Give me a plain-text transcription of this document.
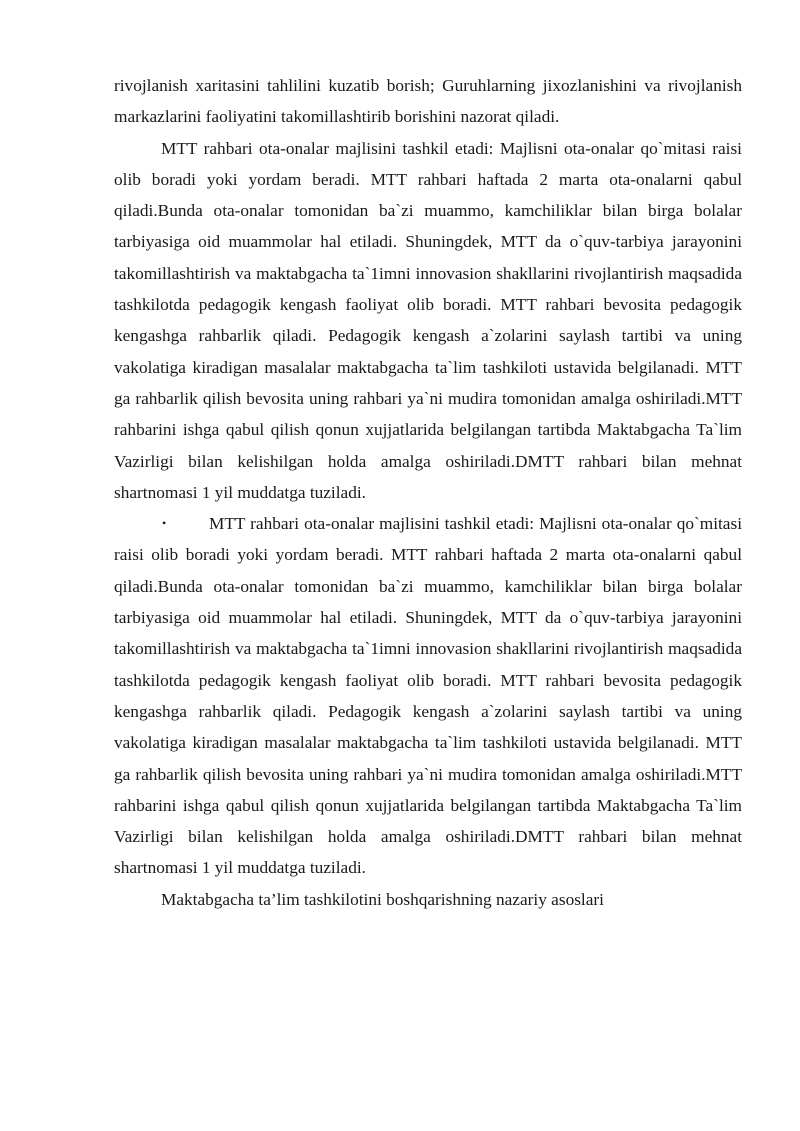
rivojlanish xaritasini tahlilini kuzatib borish; Guruhlarning jixozlanishini va rivojlanish markazlarini faoliyatini takomillashtirib borishini nazorat qiladi.

MTT rahbari ota-onalar majlisini tashkil etadi: Majlisni ota-onalar qo`mitasi raisi olib boradi yoki yordam beradi. MTT rahbari haftada 2 marta ota-onalarni qabul qiladi.Bunda ota-onalar tomonidan ba`zi muammo, kamchiliklar bilan birga bolalar tarbiyasiga oid muammolar hal etiladi. Shuningdek, MTT da o`quv-tarbiya jarayonini takomillashtirish va maktabgacha ta`1imni innovasion shakllarini rivojlantirish maqsadida tashkilotda pedagogik kengash faoliyat olib boradi. MTT rahbari bevosita pedagogik kengashga rahbarlik qiladi. Pedagogik kengash a`zolarini saylash tartibi va uning vakolatiga kiradigan masalalar maktabgacha ta`lim tashkiloti ustavida belgilanadi. MTT ga rahbarlik qilish bevosita uning rahbari ya`ni mudira tomonidan amalga oshiriladi.MTT rahbarini ishga qabul qilish qonun xujjatlarida belgilangan tartibda Maktabgacha Ta`lim Vazirligi bilan kelishilgan holda amalga oshiriladi.DMTT rahbari bilan mehnat shartnomasi 1 yil muddatga tuziladi.

• MTT rahbari ota-onalar majlisini tashkil etadi: Majlisni ota-onalar qo`mitasi raisi olib boradi yoki yordam beradi. MTT rahbari haftada 2 marta ota-onalarni qabul qiladi.Bunda ota-onalar tomonidan ba`zi muammo, kamchiliklar bilan birga bolalar tarbiyasiga oid muammolar hal etiladi. Shuningdek, MTT da o`quv-tarbiya jarayonini takomillashtirish va maktabgacha ta`1imni innovasion shakllarini rivojlantirish maqsadida tashkilotda pedagogik kengash faoliyat olib boradi. MTT rahbari bevosita pedagogik kengashga rahbarlik qiladi. Pedagogik kengash a`zolarini saylash tartibi va uning vakolatiga kiradigan masalalar maktabgacha ta`lim tashkiloti ustavida belgilanadi. MTT ga rahbarlik qilish bevosita uning rahbari ya`ni mudira tomonidan amalga oshiriladi.MTT rahbarini ishga qabul qilish qonun xujjatlarida belgilangan tartibda Maktabgacha Ta`lim Vazirligi bilan kelishilgan holda amalga oshiriladi.DMTT rahbari bilan mehnat shartnomasi 1 yil muddatga tuziladi.

Maktabgacha ta’lim tashkilotini boshqarishning nazariy asoslari
